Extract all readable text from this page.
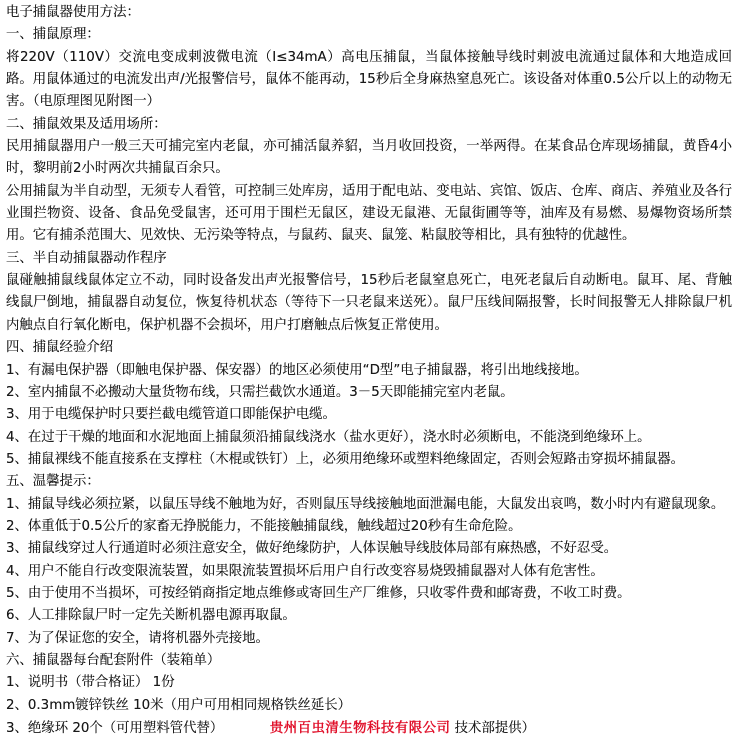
电子捕鼠器使用方法：

一、捕鼠原理：

将220V（110V）交流电变成剌波微电流（I≤34mA）高电压捕鼠，当鼠体接触导线时剌波电流通过鼠体和大地造成回路。用鼠体通过的电流发出声/光报警信号，鼠体不能再动，15秒后全身麻热窒息死亡。该设备对体重0.5公斤以上的动物无害。（电原理图见附图一）

二、捕鼠效果及适用场所：

民用捕鼠器用户一般三天可捕完室内老鼠，亦可捕活鼠养貂，当月收回投资，一举两得。在某食品仓库现场捕鼠，黄昏4小时，黎明前2小时两次共捕鼠百余只。

公用捕鼠为半自动型，无须专人看管，可控制三处库房，适用于配电站、变电站、宾馆、饭店、仓库、商店、养殖业及各行业围拦物资、设备、食品免受鼠害，还可用于围栏无鼠区，建设无鼠港、无鼠街圃等等，油库及有易燃、易爆物资场所禁用。它有捕杀范围大、见效快、无污染等特点，与鼠药、鼠夹、鼠笼、粘鼠胶等相比，具有独特的优越性。

三、半自动捕鼠器动作程序

鼠碰触捕鼠线鼠体定立不动，同时设备发出声光报警信号，15秒后老鼠窒息死亡，电死老鼠后自动断电。鼠耳、尾、背触线鼠尸倒地，捕鼠器自动复位，恢复待机状态（等待下一只老鼠来送死）。鼠尸压线间隔报警，长时间报警无人排除鼠尸机内触点自行氧化断电，保护机器不会损坏，用户打磨触点后恢复正常使用。

四、捕鼠经验介绍

1、有漏电保护器（即触电保护器、保安器）的地区必须使用“D型”电子捕鼠器，将引出地线接地。

2、室内捕鼠不必搬动大量货物布线，只需拦截饮水通道。3－5天即能捕完室内老鼠。

3、用于电缆保护时只要拦截电缆管道口即能保护电缆。

4、在过于干燥的地面和水泥地面上捕鼠须沿捕鼠线浇水（盐水更好），浇水时必须断电，不能浇到绝缘环上。

5、捕鼠裸线不能直接系在支撑柱（木棍或铁钉）上，必须用绝缘环或塑料绝缘固定，否则会短路击穿损坏捕鼠器。

五、温馨提示：

1、捕鼠导线必须拉紧，以鼠压导线不触地为好，否则鼠压导线接触地面泄漏电能，大鼠发出哀鸣，数小时内有避鼠现象。

2、体重低于0.5公斤的家畜无挣脱能力，不能接触捕鼠线，触线超过20秒有生命危险。

3、捕鼠线穿过人行通道时必须注意安全，做好绝缘防护，人体误触导线肢体局部有麻热感，不好忍受。

4、用户不能自行改变限流装置，如果限流装置损坏后用户自行改变容易烧毁捕鼠器对人体有危害性。

5、由于使用不当损坏，可按经销商指定地点维修或寄回生产厂维修，只收零件费和邮寄费，不收工时费。

6、人工排除鼠尸时一定先关断机器电源再取鼠。

7、为了保证您的安全，请将机器外壳接地。

六、捕鼠器每台配套附件（装箱单）

1、说明书（带合格证） 1份

2、0.3mm镀锌铁丝 10米（用户可用相同规格铁丝延长）

3、绝缘环 20个（可用塑料管代替）	贵州百虫清生物科技有限公司 技术部提供）
